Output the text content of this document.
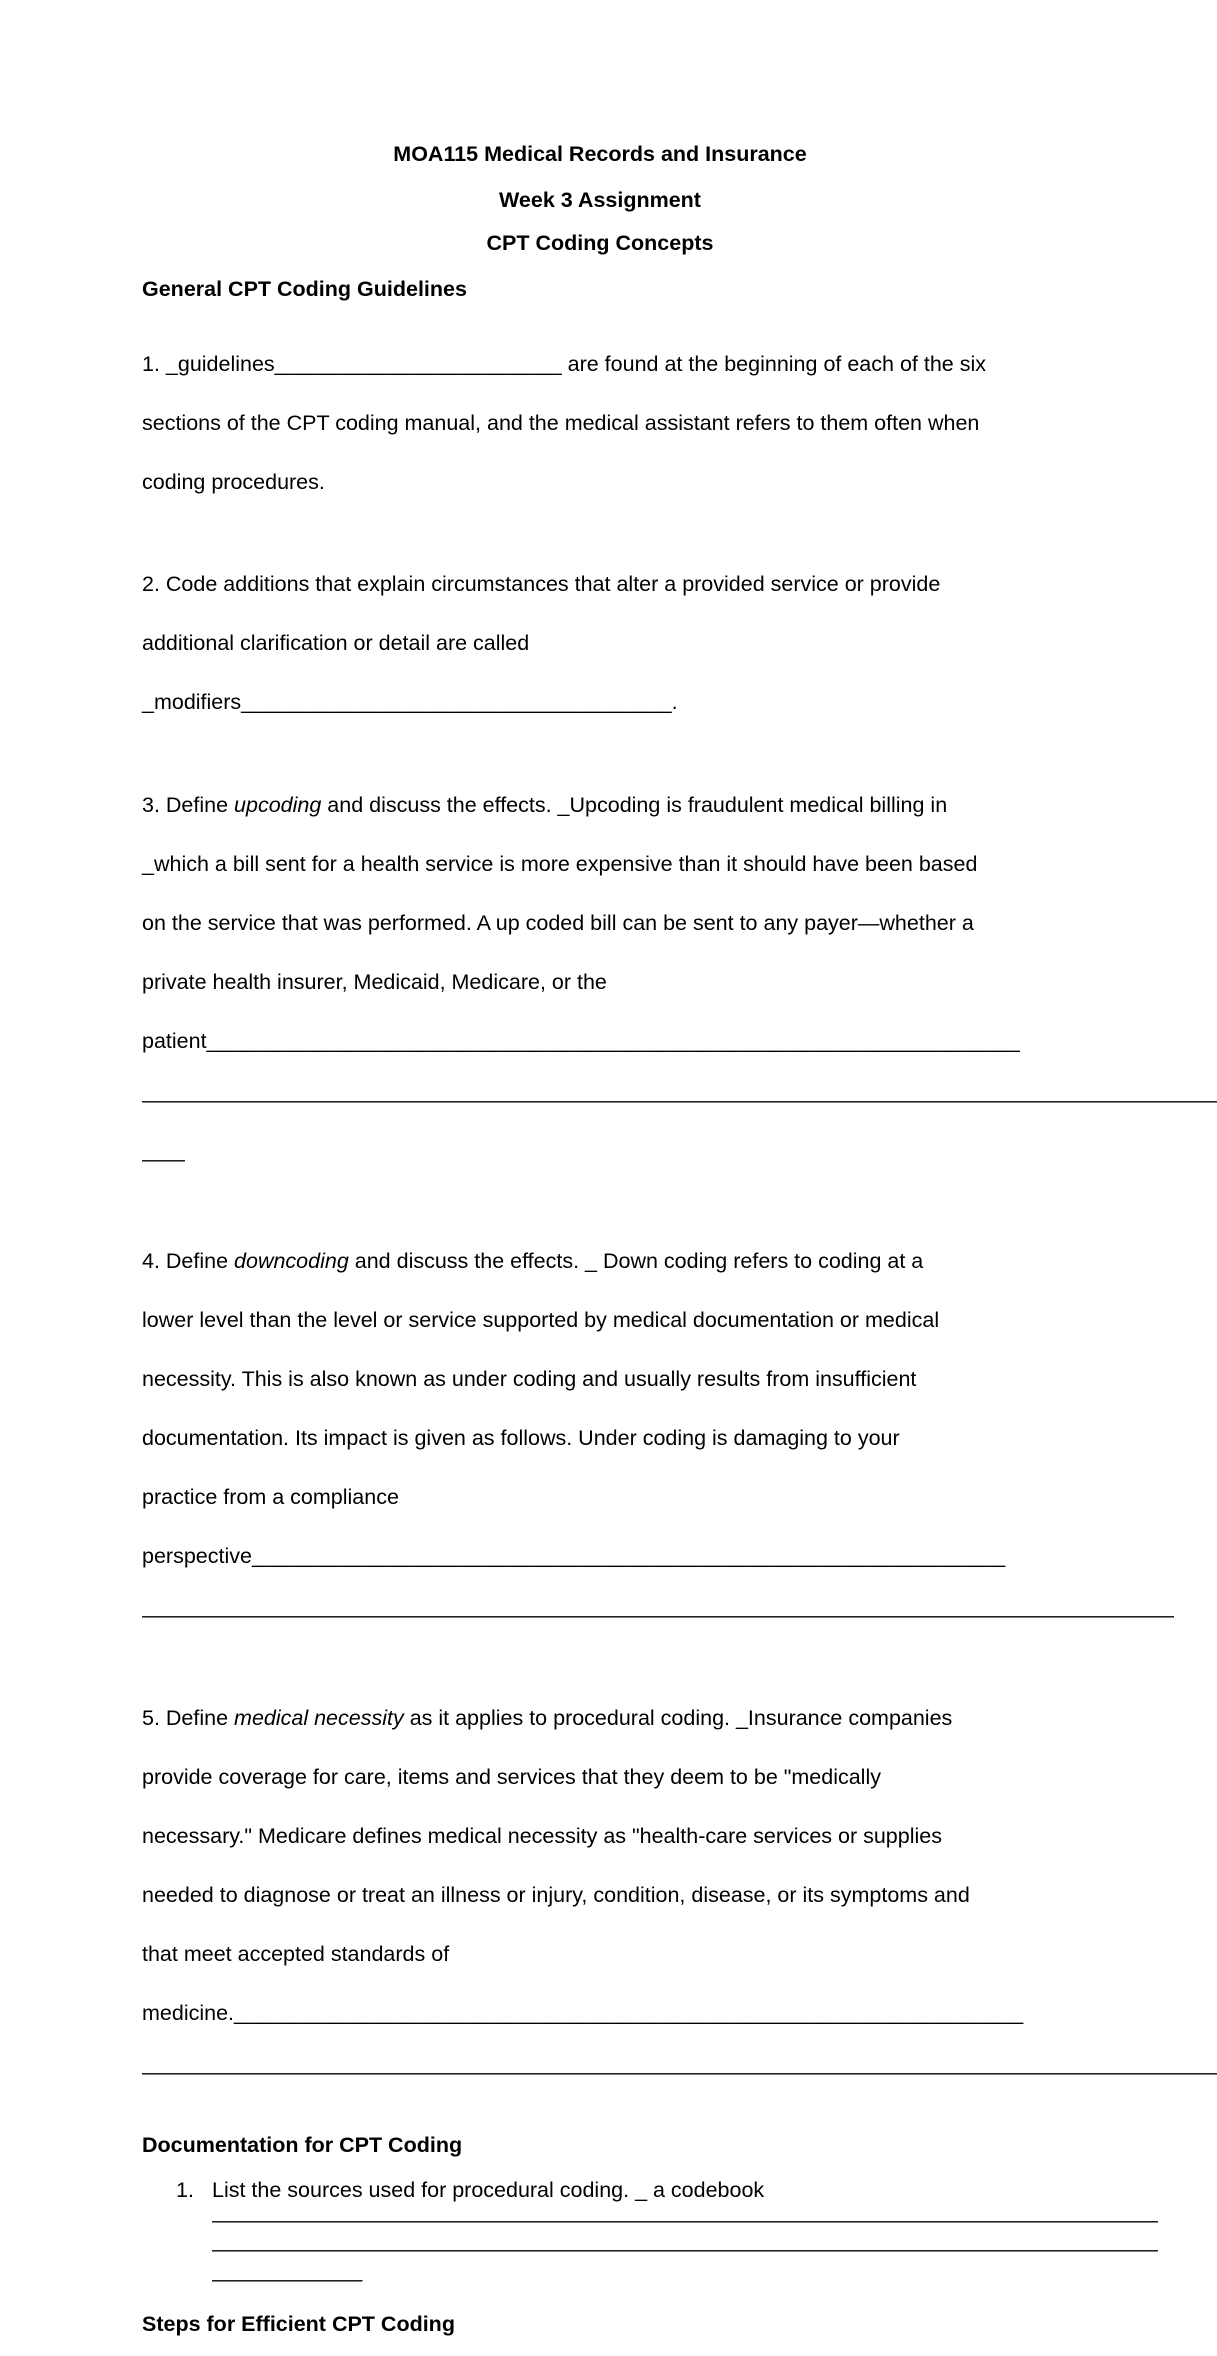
MOA115 Medical Records and Insurance

Week 3 Assignment

CPT Coding Concepts

General CPT Coding Guidelines

1. _guidelines________________________ are found at the beginning of each of the six

sections of the CPT coding manual, and the medical assistant refers to them often when

coding procedures.

2. Code additions that explain circumstances that alter a provided service or provide

additional clarification or detail are called

_modifiers____________________________________.

3. Define upcoding and discuss the effects. _Upcoding is fraudulent medical billing in

_which a bill sent for a health service is more expensive than it should have been based

on the service that was performed. A up coded bill can be sent to any payer—whether a

private health insurer, Medicaid, Medicare, or the

patient____________________________________________________________________

——————————————————————————————————————————————————

——

4. Define downcoding and discuss the effects. _ Down coding refers to coding at a

lower level than the level or service supported by medical documentation or medical

necessity. This is also known as under coding and usually results from insufficient

documentation. Its impact is given as follows. Under coding is damaging to your

practice from a compliance

perspective_______________________________________________________________

————————————————————————————————————————————————

5. Define medical necessity as it applies to procedural coding. _Insurance companies

provide coverage for care, items and services that they deem to be "medically

necessary." Medicare defines medical necessity as "health-care services or supplies

needed to diagnose or treat an illness or injury, condition, disease, or its symptoms and

that meet accepted standards of

medicine.__________________________________________________________________

——————————————————————————————————————————————————

Documentation for CPT Coding

1. List the sources used for procedural coding. _ a codebook
————————————————————————————————————————————
————————————————————————————————————————————
———————

Steps for Efficient CPT Coding
